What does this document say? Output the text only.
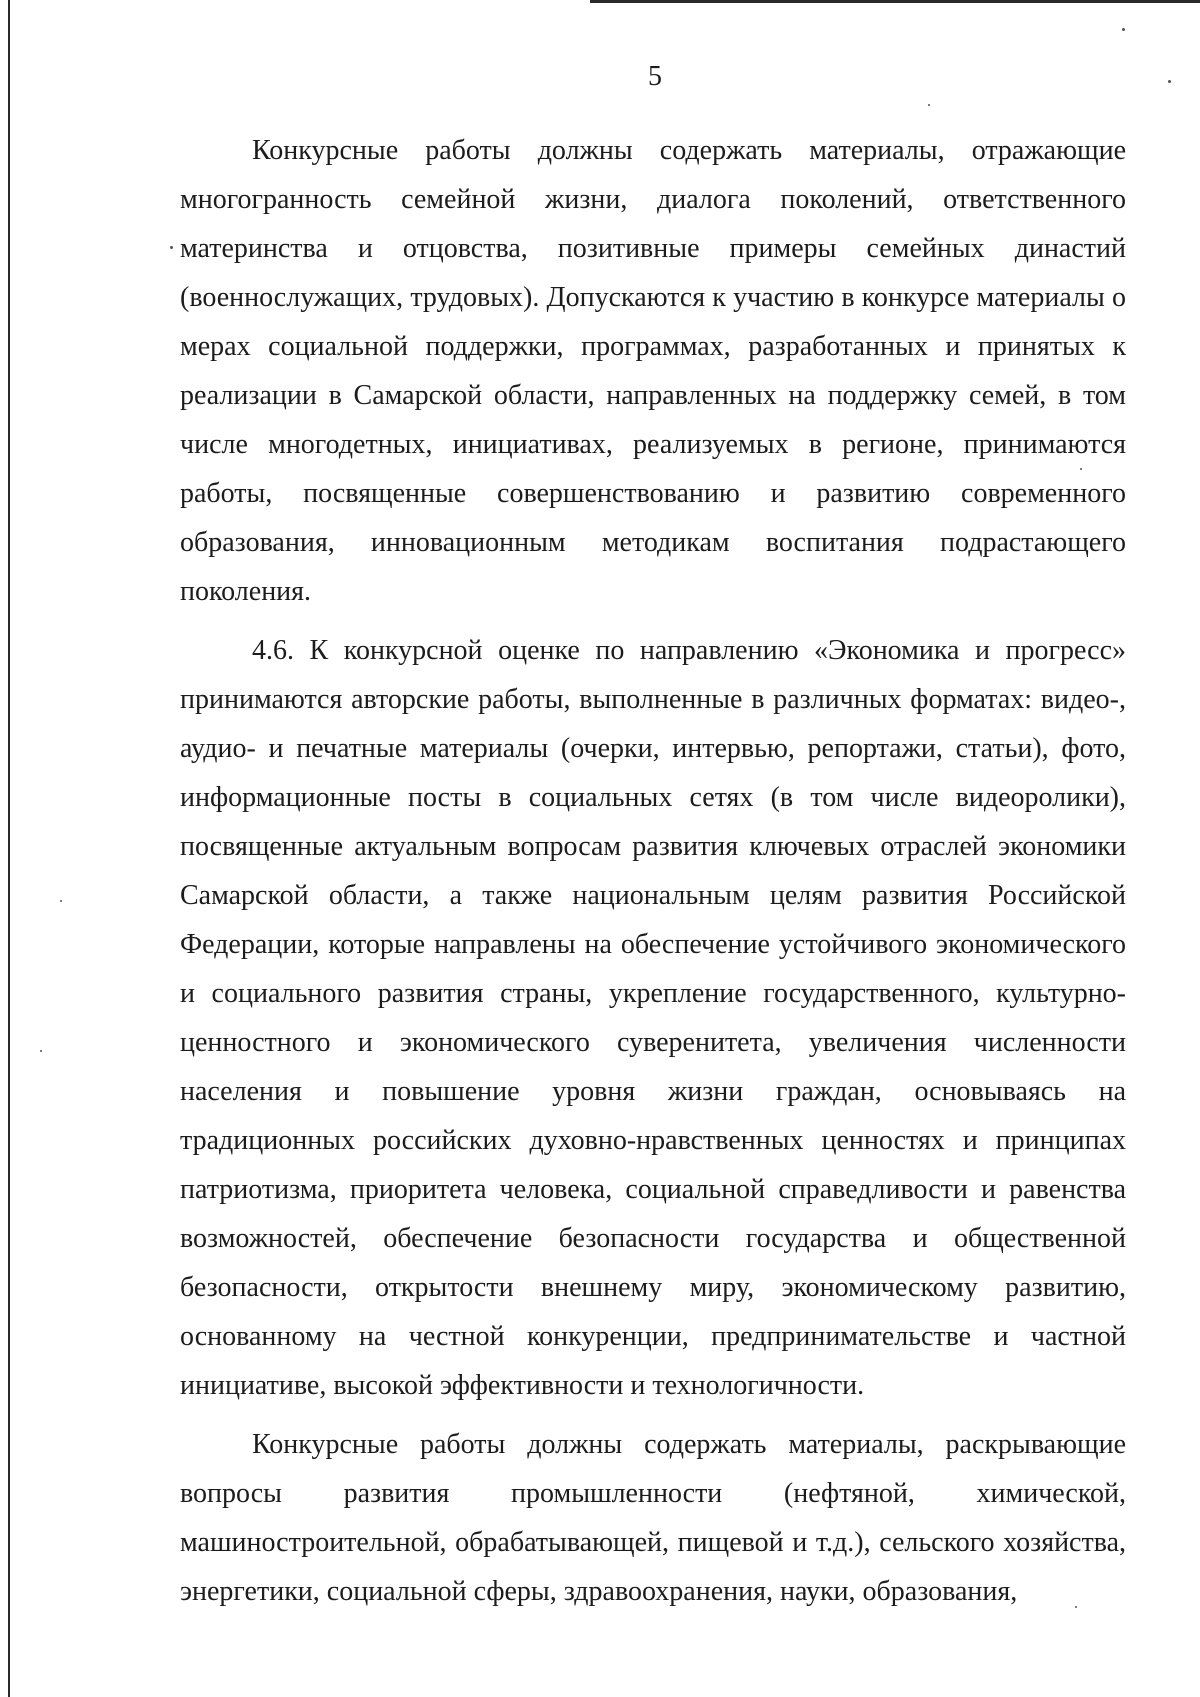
5

Конкурсные работы должны содержать материалы, отражающие многогранность семейной жизни, диалога поколений, ответственного материнства и отцовства, позитивные примеры семейных династий (военнослужащих, трудовых). Допускаются к участию в конкурсе материалы о мерах социальной поддержки, программах, разработанных и принятых к реализации в Самарской области, направленных на поддержку семей, в том числе многодетных, инициативах, реализуемых в регионе, принимаются работы, посвященные совершенствованию и развитию современного образования, инновационным методикам воспитания подрастающего поколения.

4.6. К конкурсной оценке по направлению «Экономика и прогресс» принимаются авторские работы, выполненные в различных форматах: видео-, аудио- и печатные материалы (очерки, интервью, репортажи, статьи), фото, информационные посты в социальных сетях (в том числе видеоролики), посвященные актуальным вопросам развития ключевых отраслей экономики Самарской области, а также национальным целям развития Российской Федерации, которые направлены на обеспечение устойчивого экономического и социального развития страны, укрепление государственного, культурно-ценностного и экономического суверенитета, увеличения численности населения и повышение уровня жизни граждан, основываясь на традиционных российских духовно-нравственных ценностях и принципах патриотизма, приоритета человека, социальной справедливости и равенства возможностей, обеспечение безопасности государства и общественной безопасности, открытости внешнему миру, экономическому развитию, основанному на честной конкуренции, предпринимательстве и частной инициативе, высокой эффективности и технологичности.

Конкурсные работы должны содержать материалы, раскрывающие вопросы развития промышленности (нефтяной, химической, машиностроительной, обрабатывающей, пищевой и т.д.), сельского хозяйства, энергетики, социальной сферы, здравоохранения, науки, образования,
